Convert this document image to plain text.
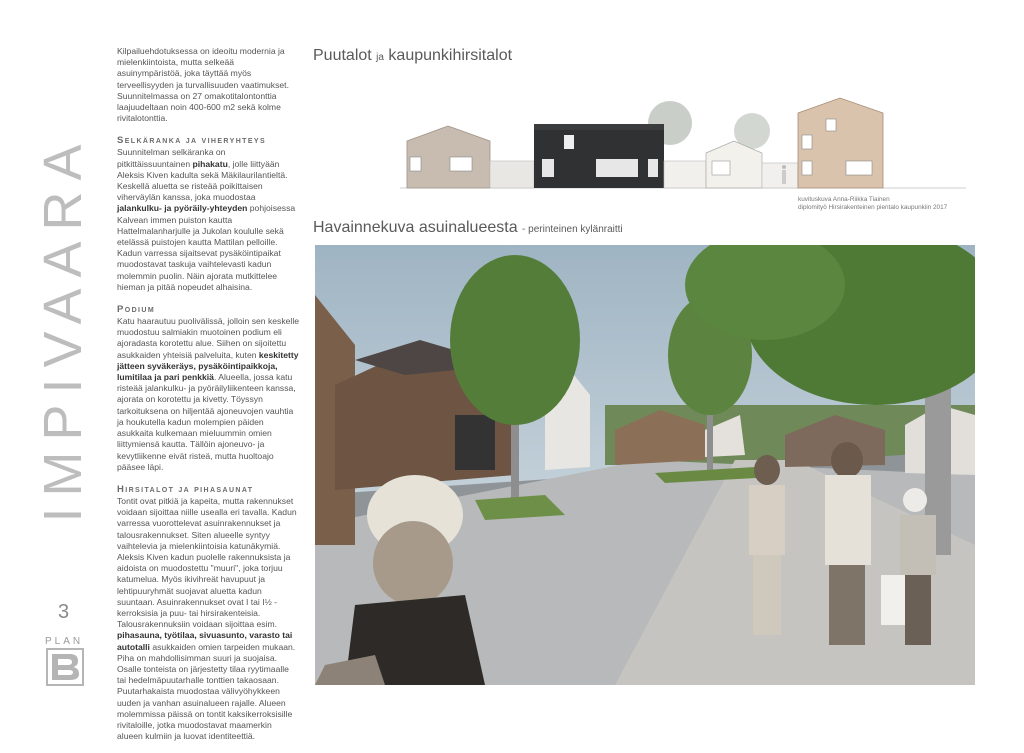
IMPIVAARA
3
PLAN

Kilpailuehdotuksessa on ideoitu modernia ja mielenkiintoista, mutta selkeää asuinympäristöä, joka täyttää myös terveellisyyden ja turvallisuuden vaatimukset. Suunnitelmassa on 27 omakotitalontonttia laajuudeltaan noin 400-600 m2 sekä kolme rivitalotonttia.

Selkäranka ja viheryhteys

Suunnitelman selkäranka on pitkittäissuuntainen pihakatu, jolle liittyään Aleksis Kiven kadulta sekä Mäkilaurilantieltä. Keskellä aluetta se risteää poikittaisen viherväylän kanssa, joka muodostaa jalankulku- ja pyöräily-yhteyden pohjoisessa Kalvean immen puiston kautta Hattelmalanharjulle ja Jukolan koululle sekä etelässä puistojen kautta Mattilan pelloille. Kadun varressa sijaitsevat pysäköintipaikat muodostavat taskuja vaihtelevasti kadun molemmin puolin. Näin ajorata mutkittelee hieman ja pitää nopeudet alhaisina.

Podium

Katu haarautuu puolivälissä, jolloin sen keskelle muodostuu salmiakin muotoinen podium eli ajoradasta korotettu alue. Siihen on sijoitettu asukkaiden yhteisiä palveluita, kuten keskitetty jätteen syväkeräys, pysäköintipaikkoja, lumitilaa ja pari penkkiä. Alueella, jossa katu risteää jalankulku- ja pyöräilyliikenteen kanssa, ajorata on korotettu ja kivetty. Töyssyn tarkoituksena on hiljentää ajoneuvojen vauhtia ja houkutella kadun molempien päiden asukkaita kulkemaan mieluummin omien liittymiensä kautta. Tällöin ajoneuvo- ja kevytliikenne eivät risteä, mutta huoltoajo pääsee läpi.

Hirsitalot ja pihasaunat

Tontit ovat pitkiä ja kapeita, mutta rakennukset voidaan sijoittaa niille usealla eri tavalla. Kadun varressa vuorottelevat asuinrakennukset ja talousrakennukset. Siten alueelle syntyy vaihtelevia ja mielenkiintoisia katunäkymiä. Aleksis Kiven kadun puolelle rakennuksista ja aidoista on muodostettu "muuri", joka torjuu katumelua. Myös ikivihreät havupuut ja lehtipuuryhmät suojavat aluetta kadun suuntaan. Asuinrakennukset ovat I tai I½ -kerroksisia ja puu- tai hirsirakenteisia. Talousrakennuksiin voidaan sijoittaa esim. pihasauna, työtilaa, sivuasunto, varasto tai autotalli asukkaiden omien tarpeiden mukaan. Piha on mahdollisimman suuri ja suojaisa. Osalle tonteista on järjestetty tilaa ryytimaalle tai hedelmäpuutarhalle tonttien takaosaan. Puutarhakaista muodostaa välivyöhykkeen uuden ja vanhan asuinalueen rajalle. Alueen molemmissa päissä on tontit kaksikerroksisille rivitaloille, jotka muodostavat maamerkin alueen kulmiin ja luovat identiteettiä.

Puutalot ja kaupunkihirsitalot
kuvituskuva Anna-Riikka Tiainen
diplomityö Hirsirakenteinen pientalo kaupunkiin 2017
Havainnekuva asuinalueesta - perinteinen kylänraitti
